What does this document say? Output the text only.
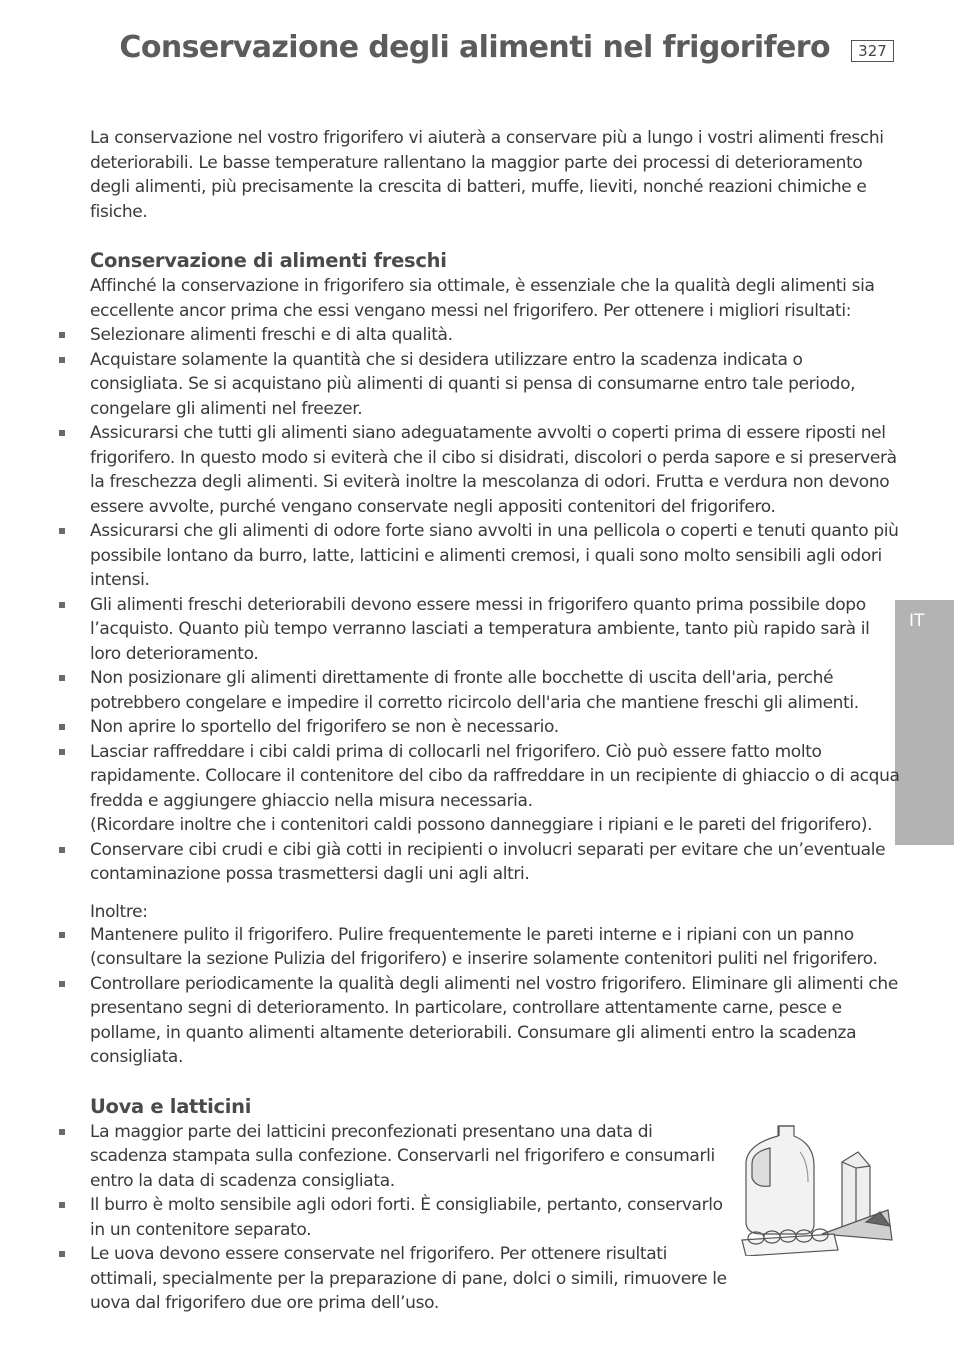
Conservazione degli alimenti nel frigorifero	327
IT

La conservazione nel vostro frigorifero vi aiuterà a conservare più a lungo i vostri alimenti freschi deteriorabili. Le basse temperature rallentano la maggior parte dei processi di deterioramento degli alimenti, più precisamente la crescita di batteri, muffe, lieviti, nonché reazioni chimiche e fisiche.

Conservazione di alimenti freschi

Affinché la conservazione in frigorifero sia ottimale, è essenziale che la qualità degli alimenti sia eccellente ancor prima che essi vengano messi nel frigorifero. Per ottenere i migliori risultati:

Selezionare alimenti freschi e di alta qualità.
Acquistare solamente la quantità che si desidera utilizzare entro la scadenza indicata o consigliata. Se si acquistano più alimenti di quanti si pensa di consumarne entro tale periodo, congelare gli alimenti nel freezer.
Assicurarsi che tutti gli alimenti siano adeguatamente avvolti o coperti prima di essere riposti nel frigorifero. In questo modo si eviterà che il cibo si disidrati, discolori o perda sapore e si preserverà la freschezza degli alimenti. Si eviterà inoltre la mescolanza di odori. Frutta e verdura non devono essere avvolte, purché vengano conservate negli appositi contenitori del frigorifero.
Assicurarsi che gli alimenti di odore forte siano avvolti in una pellicola o coperti e tenuti quanto più possibile lontano da burro, latte, latticini e alimenti cremosi, i quali sono molto sensibili agli odori intensi.
Gli alimenti freschi deteriorabili devono essere messi in frigorifero quanto prima possibile dopo l’acquisto. Quanto più tempo verranno lasciati a temperatura ambiente, tanto più rapido sarà il loro deterioramento.
Non posizionare gli alimenti direttamente di fronte alle bocchette di uscita dell'aria, perché potrebbero congelare e impedire il corretto ricircolo dell'aria che mantiene freschi gli alimenti.
Non aprire lo sportello del frigorifero se non è necessario.
Lasciar raffreddare i cibi caldi prima di collocarli nel frigorifero. Ciò può essere fatto molto rapidamente. Collocare il contenitore del cibo da raffreddare in un recipiente di ghiaccio o di acqua fredda e aggiungere ghiaccio nella misura necessaria.
(Ricordare inoltre che i contenitori caldi possono danneggiare i ripiani e le pareti del frigorifero).
Conservare cibi crudi e cibi già cotti in recipienti o involucri separati per evitare che un’eventuale contaminazione possa trasmettersi dagli uni agli altri.

Inoltre:

Mantenere pulito il frigorifero. Pulire frequentemente le pareti interne e i ripiani con un panno (consultare la sezione Pulizia del frigorifero) e inserire solamente contenitori puliti nel frigorifero.
Controllare periodicamente la qualità degli alimenti nel vostro frigorifero. Eliminare gli alimenti che presentano segni di deterioramento. In particolare, controllare attentamente carne, pesce e pollame, in quanto alimenti altamente deteriorabili. Consumare gli alimenti entro la scadenza consigliata.
Uova e latticini
La maggior parte dei latticini preconfezionati presentano una data di scadenza stampata sulla confezione. Conservarli nel frigorifero e consumarli entro la data di scadenza consigliata.
Il burro è molto sensibile agli odori forti. È consigliabile, pertanto, conservarlo in un contenitore separato.
Le uova devono essere conservate nel frigorifero. Per ottenere risultati ottimali, specialmente per la preparazione di pane, dolci o simili, rimuovere le uova dal frigorifero due ore prima dell’uso.
